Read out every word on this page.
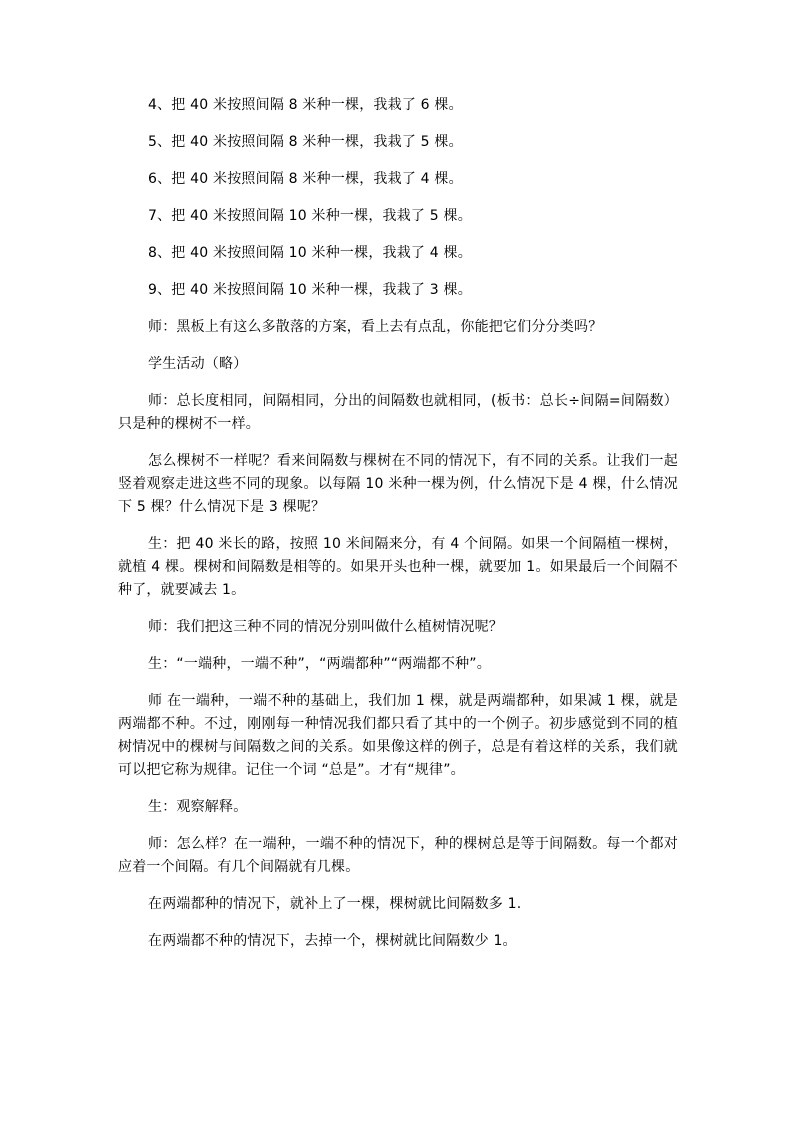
4、把 40 米按照间隔 8 米种一棵，我栽了 6 棵。

5、把 40 米按照间隔 8 米种一棵，我栽了 5 棵。

6、把 40 米按照间隔 8 米种一棵，我栽了 4 棵。

7、把 40 米按照间隔 10 米种一棵，我栽了 5 棵。

8、把 40 米按照间隔 10 米种一棵，我栽了 4 棵。

9、把 40 米按照间隔 10 米种一棵，我栽了 3 棵。

师：黑板上有这么多散落的方案，看上去有点乱，你能把它们分分类吗？

学生活动（略）

师：总长度相同，间隔相同，分出的间隔数也就相同，(板书：总长÷间隔=间隔数）只是种的棵树不一样。

怎么棵树不一样呢？看来间隔数与棵树在不同的情况下，有不同的关系。让我们一起竖着观察走进这些不同的现象。以每隔 10 米种一棵为例，什么情况下是 4 棵，什么情况下 5 棵？什么情况下是 3 棵呢？

生：把 40 米长的路，按照 10 米间隔来分，有 4 个间隔。如果一个间隔植一棵树，就植 4 棵。棵树和间隔数是相等的。如果开头也种一棵，就要加 1。如果最后一个间隔不种了，就要减去 1。

师：我们把这三种不同的情况分别叫做什么植树情况呢？

生：“一端种，一端不种”，“两端都种”“两端都不种”。

师 在一端种，一端不种的基础上，我们加 1 棵，就是两端都种，如果减 1 棵，就是两端都不种。不过，刚刚每一种情况我们都只看了其中的一个例子。初步感觉到不同的植树情况中的棵树与间隔数之间的关系。如果像这样的例子，总是有着这样的关系，我们就可以把它称为规律。记住一个词 “总是”。才有“规律”。

生：观察解释。

师：怎么样？在一端种，一端不种的情况下，种的棵树总是等于间隔数。每一个都对应着一个间隔。有几个间隔就有几棵。

在两端都种的情况下，就补上了一棵，棵树就比间隔数多 1.

在两端都不种的情况下，去掉一个，棵树就比间隔数少 1。
